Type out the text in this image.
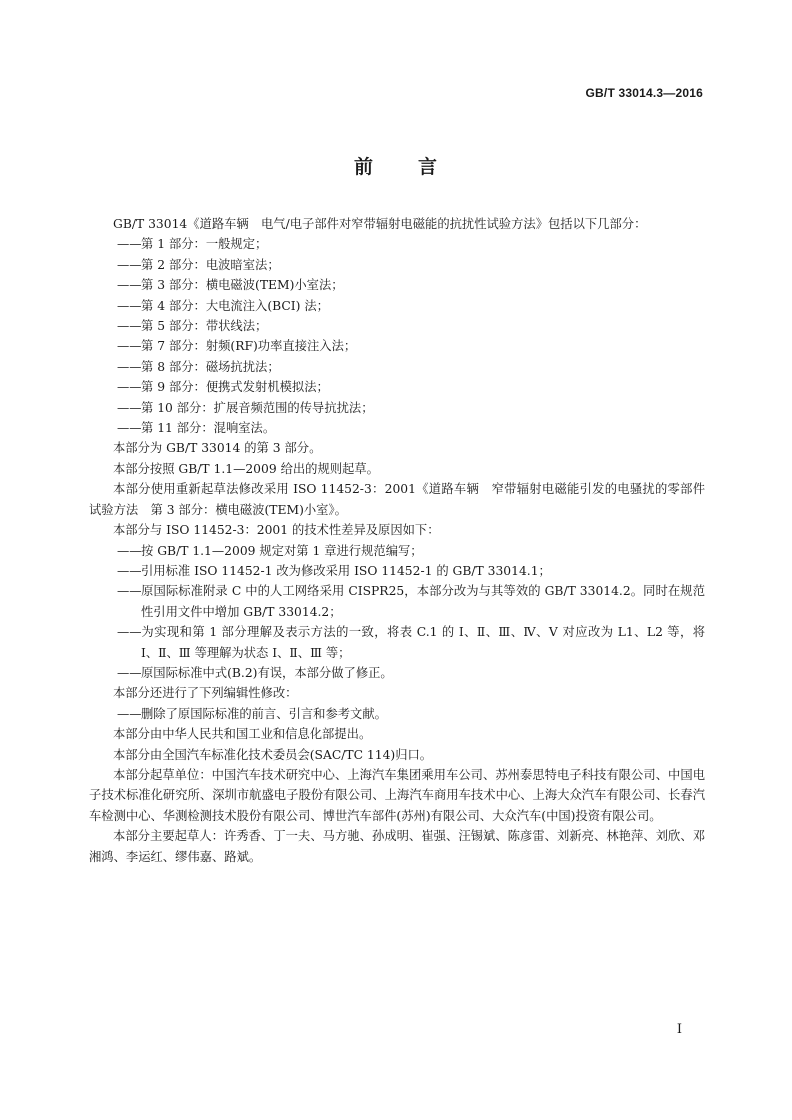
GB/T 33014.3—2016
前 言

GB/T 33014《道路车辆　电气/电子部件对窄带辐射电磁能的抗扰性试验方法》包括以下几部分：

——第 1 部分：一般规定；

——第 2 部分：电波暗室法；

——第 3 部分：横电磁波(TEM)小室法；

——第 4 部分：大电流注入(BCI) 法；

——第 5 部分：带状线法；

——第 7 部分：射频(RF)功率直接注入法；

——第 8 部分：磁场抗扰法；

——第 9 部分：便携式发射机模拟法；

——第 10 部分：扩展音频范围的传导抗扰法；

——第 11 部分：混响室法。

本部分为 GB/T 33014 的第 3 部分。

本部分按照 GB/T 1.1—2009 给出的规则起草。

本部分使用重新起草法修改采用 ISO 11452-3：2001《道路车辆　窄带辐射电磁能引发的电骚扰的零部件试验方法　第 3 部分：横电磁波(TEM)小室》。

本部分与 ISO 11452-3：2001 的技术性差异及原因如下：

——按 GB/T 1.1—2009 规定对第 1 章进行规范编写；

——引用标准 ISO 11452-1 改为修改采用 ISO 11452-1 的 GB/T 33014.1；

——原国际标准附录 C 中的人工网络采用 CISPR25，本部分改为与其等效的 GB/T 33014.2。同时在规范性引用文件中增加 GB/T 33014.2；

——为实现和第 1 部分理解及表示方法的一致，将表 C.1 的 Ⅰ、Ⅱ、Ⅲ、Ⅳ、Ⅴ 对应改为 L1、L2 等，将 Ⅰ、Ⅱ、Ⅲ 等理解为状态 Ⅰ、Ⅱ、Ⅲ 等；

——原国际标准中式(B.2)有误，本部分做了修正。

本部分还进行了下列编辑性修改：

——删除了原国际标准的前言、引言和参考文献。

本部分由中华人民共和国工业和信息化部提出。

本部分由全国汽车标准化技术委员会(SAC/TC 114)归口。

本部分起草单位：中国汽车技术研究中心、上海汽车集团乘用车公司、苏州泰思特电子科技有限公司、中国电子技术标准化研究所、深圳市航盛电子股份有限公司、上海汽车商用车技术中心、上海大众汽车有限公司、长春汽车检测中心、华测检测技术股份有限公司、博世汽车部件(苏州)有限公司、大众汽车(中国)投资有限公司。

本部分主要起草人：许秀香、丁一夫、马方驰、孙成明、崔强、汪锡斌、陈彦雷、刘新亮、林艳萍、刘欣、邓湘鸿、李运红、缪伟嘉、路斌。

I
